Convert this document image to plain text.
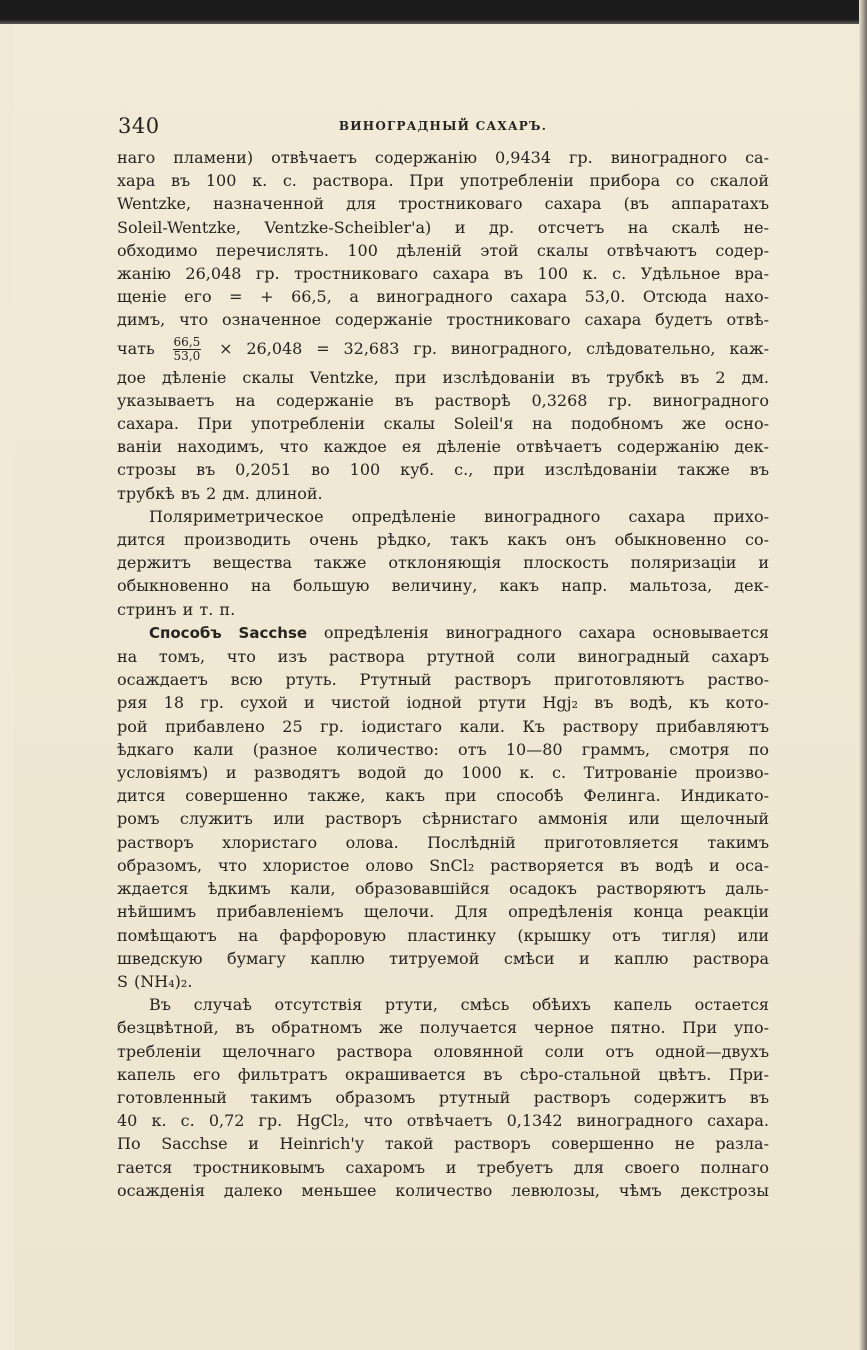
340	ВИНОГРАДНЫЙ САХАРЪ.

наго пламени) отвѣчаетъ содержанію 0,9434 гр. виноградного са-
хара въ 100 к. с. раствора. При употребленіи прибора со скалой
Wentzke, назначенной для тростниковаго сахара (въ аппаратахъ
Soleil-Wentzke, Ventzke-Scheibler'a) и др. отсчетъ на скалѣ не-
обходимо перечислять. 100 дѣленій этой скалы отвѣчаютъ содер-
жанію 26,048 гр. тростниковаго сахара въ 100 к. с. Удѣльное вра-
щеніе его = + 66,5, а виноградного сахара 53,0. Отсюда нахо-
димъ, что означенное содержаніе тростниковаго сахара будетъ отвѣ-
чать $\frac{66,5}{53,0} \times 26,048 = 32,683$ гр. виноградного, слѣдовательно, каж-
дое дѣленіе скалы Ventzke, при изслѣдованіи въ трубкѣ въ 2 дм.
указываетъ на содержаніе въ растворѣ 0,3268 гр. виноградного
сахара. При употребленіи скалы Soleil'я на подобномъ же осно-
ваніи находимъ, что каждое ея дѣленіе отвѣчаетъ содержанію дек-
строзы въ 0,2051 во 100 куб. с., при изслѣдованіи также въ
трубкѣ въ 2 дм. длиной.

Поляриметрическое опредѣленіе виноградного сахара прихо-
дится производить очень рѣдко, такъ какъ онъ обыкновенно со-
держитъ вещества также отклоняющія плоскость поляризаціи и
обыкновенно на большую величину, какъ напр. мальтоза, дек-
стринъ и т. п.

Способъ Sacchse опредѣленія виноградного сахара основывается
на томъ, что изъ раствора ртутной соли виноградный сахаръ
осаждаетъ всю ртуть. Ртутный растворъ приготовляютъ раство-
ряя 18 гр. сухой и чистой іодной ртути Hgj₂ въ водѣ, къ кото-
рой прибавлено 25 гр. іодистаго кали. Къ раствору прибавляютъ
ѣдкаго кали (разное количество: отъ 10—80 граммъ, смотря по
условіямъ) и разводятъ водой до 1000 к. с. Титрованіе произво-
дится совершенно также, какъ при способѣ Фелинга. Индикато-
ромъ служитъ или растворъ сѣрнистаго аммонія или щелочный
растворъ хлористаго олова. Послѣдній приготовляется такимъ
образомъ, что хлористое олово SnCl₂ растворяется въ водѣ и оса-
ждается ѣдкимъ кали, образовавшійся осадокъ растворяютъ даль-
нѣйшимъ прибавленіемъ щелочи. Для опредѣленія конца реакціи
помѣщаютъ на фарфоровую пластинку (крышку отъ тигля) или
шведскую бумагу каплю титруемой смѣси и каплю раствора
S (NH₄)₂.

Въ случаѣ отсутствія ртути, смѣсь обѣихъ капель остается
безцвѣтной, въ обратномъ же получается черное пятно. При упо-
требленіи щелочнаго раствора оловянной соли отъ одной—двухъ
капель его фильтратъ окрашивается въ сѣро-стальной цвѣтъ. При-
готовленный такимъ образомъ ртутный растворъ содержитъ въ
40 к. с. 0,72 гр. HgCl₂, что отвѣчаетъ 0,1342 виноградного сахара.
По Sacchse и Heinrich'у такой растворъ совершенно не разла-
гается тростниковымъ сахаромъ и требуетъ для своего полнаго
осажденія далеко меньшее количество левюлозы, чѣмъ декстрозы
